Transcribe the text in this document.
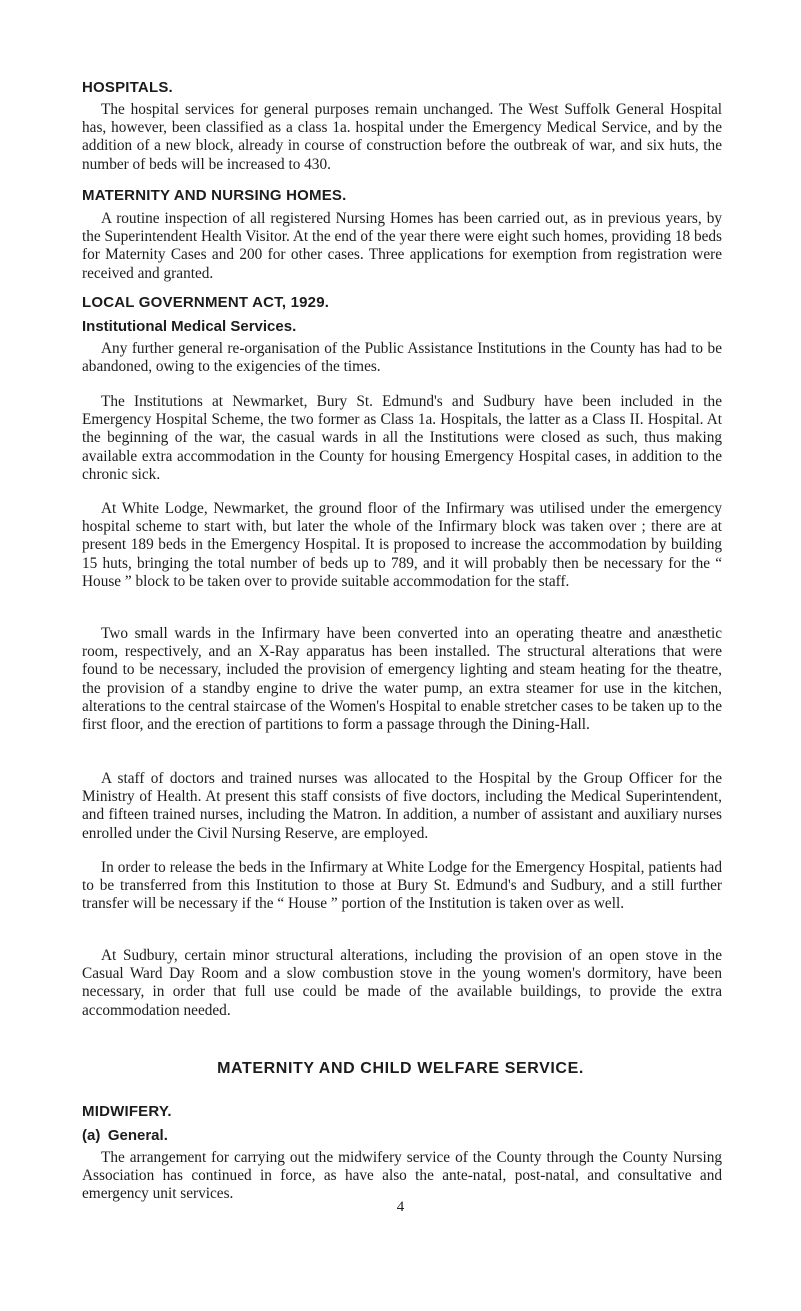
HOSPITALS.

The hospital services for general purposes remain unchanged. The West Suffolk General Hospital has, however, been classified as a class 1a. hospital under the Emergency Medical Service, and by the addition of a new block, already in course of construction before the outbreak of war, and six huts, the number of beds will be increased to 430.

MATERNITY AND NURSING HOMES.

A routine inspection of all registered Nursing Homes has been carried out, as in previous years, by the Superintendent Health Visitor. At the end of the year there were eight such homes, providing 18 beds for Maternity Cases and 200 for other cases. Three applications for exemption from registration were received and granted.

LOCAL GOVERNMENT ACT, 1929.
Institutional Medical Services.

Any further general re-organisation of the Public Assistance Institutions in the County has had to be abandoned, owing to the exigencies of the times.

The Institutions at Newmarket, Bury St. Edmund's and Sudbury have been included in the Emergency Hospital Scheme, the two former as Class 1a. Hospitals, the latter as a Class II. Hospital. At the beginning of the war, the casual wards in all the Institutions were closed as such, thus making available extra accommodation in the County for housing Emergency Hospital cases, in addition to the chronic sick.

At White Lodge, Newmarket, the ground floor of the Infirmary was utilised under the emergency hospital scheme to start with, but later the whole of the Infirmary block was taken over ; there are at present 189 beds in the Emergency Hospital. It is proposed to increase the accommodation by building 15 huts, bringing the total number of beds up to 789, and it will probably then be necessary for the “ House ” block to be taken over to provide suitable accommodation for the staff.

Two small wards in the Infirmary have been converted into an operating theatre and anæsthetic room, respectively, and an X-Ray apparatus has been installed. The structural alterations that were found to be necessary, included the provision of emergency lighting and steam heating for the theatre, the provision of a standby engine to drive the water pump, an extra steamer for use in the kitchen, alterations to the central staircase of the Women's Hospital to enable stretcher cases to be taken up to the first floor, and the erection of partitions to form a passage through the Dining-Hall.

A staff of doctors and trained nurses was allocated to the Hospital by the Group Officer for the Ministry of Health. At present this staff consists of five doctors, including the Medical Superintendent, and fifteen trained nurses, including the Matron. In addition, a number of assistant and auxiliary nurses enrolled under the Civil Nursing Reserve, are employed.

In order to release the beds in the Infirmary at White Lodge for the Emergency Hospital, patients had to be transferred from this Institution to those at Bury St. Edmund's and Sudbury, and a still further transfer will be necessary if the “ House ” portion of the Institution is taken over as well.

At Sudbury, certain minor structural alterations, including the provision of an open stove in the Casual Ward Day Room and a slow combustion stove in the young women's dormitory, have been necessary, in order that full use could be made of the available buildings, to provide the extra accommodation needed.

MATERNITY AND CHILD WELFARE SERVICE.
MIDWIFERY.
(a) General.

The arrangement for carrying out the midwifery service of the County through the County Nursing Association has continued in force, as have also the ante-natal, post-natal, and consultative and emergency unit services.

4
